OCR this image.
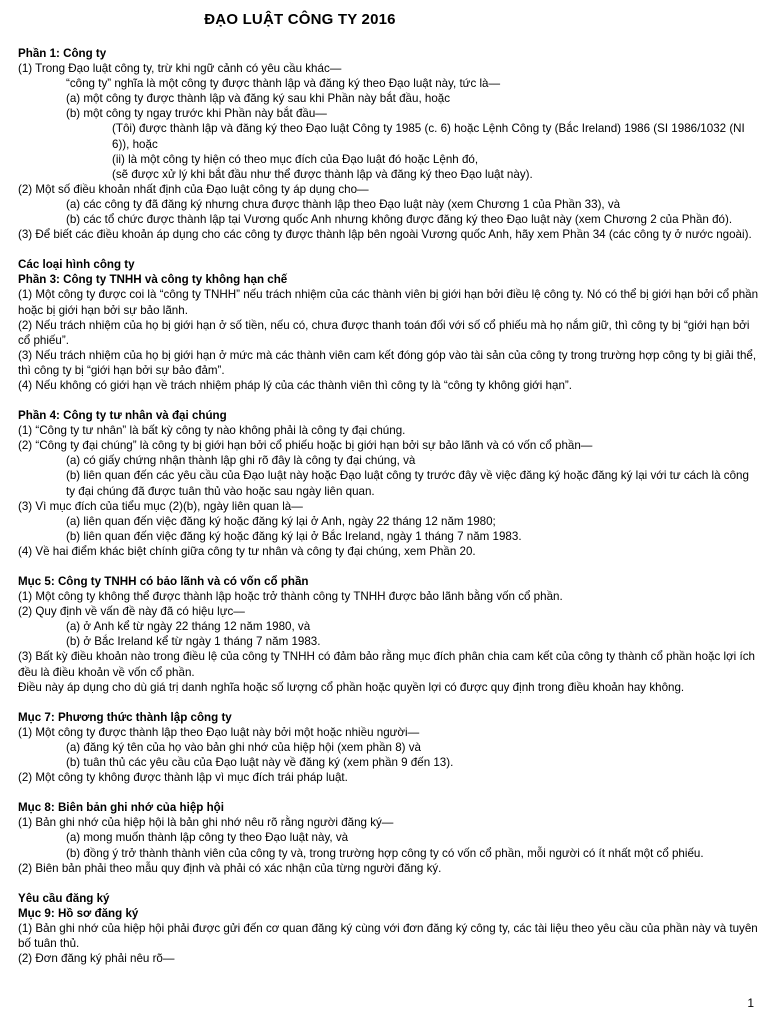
ĐẠO LUẬT CÔNG TY 2016

Phần 1: Công ty

(1) Trong Đạo luật công ty, trừ khi ngữ cảnh có yêu cầu khác—

“công ty” nghĩa là một công ty được thành lập và đăng ký theo Đạo luật này, tức là—

(a) một công ty được thành lập và đăng ký sau khi Phần này bắt đầu, hoặc

(b) một công ty ngay trước khi Phần này bắt đầu—

(Tôi) được thành lập và đăng ký theo Đạo luật Công ty 1985 (c. 6) hoặc Lệnh Công ty (Bắc Ireland) 1986 (SI 1986/1032 (NI 6)), hoặc

(ii) là một công ty hiện có theo mục đích của Đạo luật đó hoặc Lệnh đó,

(sẽ được xử lý khi bắt đầu như thể được thành lập và đăng ký theo Đạo luật này).

(2) Một số điều khoản nhất định của Đạo luật công ty áp dụng cho—

(a) các công ty đã đăng ký nhưng chưa được thành lập theo Đạo luật này (xem Chương 1 của Phần 33), và

(b) các tổ chức được thành lập tại Vương quốc Anh nhưng không được đăng ký theo Đạo luật này (xem Chương 2 của Phần đó).

(3) Để biết các điều khoản áp dụng cho các công ty được thành lập bên ngoài Vương quốc Anh, hãy xem Phần 34 (các công ty ở nước ngoài).

Các loại hình công ty

Phần 3: Công ty TNHH và công ty không hạn chế

(1) Một công ty được coi là “công ty TNHH” nếu trách nhiệm của các thành viên bị giới hạn bởi điều lệ công ty. Nó có thể bị giới hạn bởi cổ phần hoặc bị giới hạn bởi sự bảo lãnh.

(2) Nếu trách nhiệm của họ bị giới hạn ở số tiền, nếu có, chưa được thanh toán đối với số cổ phiếu mà họ nắm giữ, thì công ty bị “giới hạn bởi cổ phiếu”.

(3) Nếu trách nhiệm của họ bị giới hạn ở mức mà các thành viên cam kết đóng góp vào tài sản của công ty trong trường hợp công ty bị giải thể, thì công ty bị “giới hạn bởi sự bảo đảm”.

(4) Nếu không có giới hạn về trách nhiệm pháp lý của các thành viên thì công ty là “công ty không giới hạn”.

Phần 4: Công ty tư nhân và đại chúng

(1) “Công ty tư nhân” là bất kỳ công ty nào không phải là công ty đại chúng.

(2) “Công ty đại chúng” là công ty bị giới hạn bởi cổ phiếu hoặc bị giới hạn bởi sự bảo lãnh và có vốn cổ phần—

(a) có giấy chứng nhận thành lập ghi rõ đây là công ty đại chúng, và

(b) liên quan đến các yêu cầu của Đạo luật này hoặc Đạo luật công ty trước đây về việc đăng ký hoặc đăng ký lại với tư cách là công ty đại chúng đã được tuân thủ vào hoặc sau ngày liên quan.

(3) Vì mục đích của tiểu mục (2)(b), ngày liên quan là—

(a) liên quan đến việc đăng ký hoặc đăng ký lại ở Anh, ngày 22 tháng 12 năm 1980;

(b) liên quan đến việc đăng ký hoặc đăng ký lại ở Bắc Ireland, ngày 1 tháng 7 năm 1983.

(4) Về hai điểm khác biệt chính giữa công ty tư nhân và công ty đại chúng, xem Phần 20.

Mục 5: Công ty TNHH có bảo lãnh và có vốn cổ phần

(1) Một công ty không thể được thành lập hoặc trở thành công ty TNHH được bảo lãnh bằng vốn cổ phần.

(2) Quy định về vấn đề này đã có hiệu lực—

(a) ở Anh kể từ ngày 22 tháng 12 năm 1980, và

(b) ở Bắc Ireland kể từ ngày 1 tháng 7 năm 1983.

(3) Bất kỳ điều khoản nào trong điều lệ của công ty TNHH có đảm bảo rằng mục đích phân chia cam kết của công ty thành cổ phần hoặc lợi ích đều là điều khoản về vốn cổ phần.

Điều này áp dụng cho dù giá trị danh nghĩa hoặc số lượng cổ phần hoặc quyền lợi có được quy định trong điều khoản hay không.

Mục 7: Phương thức thành lập công ty

(1) Một công ty được thành lập theo Đạo luật này bởi một hoặc nhiều người—

(a) đăng ký tên của họ vào bản ghi nhớ của hiệp hội (xem phần 8) và

(b) tuân thủ các yêu cầu của Đạo luật này về đăng ký (xem phần 9 đến 13).

(2) Một công ty không được thành lập vì mục đích trái pháp luật.

Mục 8: Biên bản ghi nhớ của hiệp hội

(1) Bản ghi nhớ của hiệp hội là bản ghi nhớ nêu rõ rằng người đăng ký—

(a) mong muốn thành lập công ty theo Đạo luật này, và

(b) đồng ý trở thành thành viên của công ty và, trong trường hợp công ty có vốn cổ phần, mỗi người có ít nhất một cổ phiếu.

(2) Biên bản phải theo mẫu quy định và phải có xác nhận của từng người đăng ký.

Yêu cầu đăng ký

Mục 9: Hồ sơ đăng ký

(1) Bản ghi nhớ của hiệp hội phải được gửi đến cơ quan đăng ký cùng với đơn đăng ký công ty, các tài liệu theo yêu cầu của phần này và tuyên bố tuân thủ.

(2) Đơn đăng ký phải nêu rõ—

1
